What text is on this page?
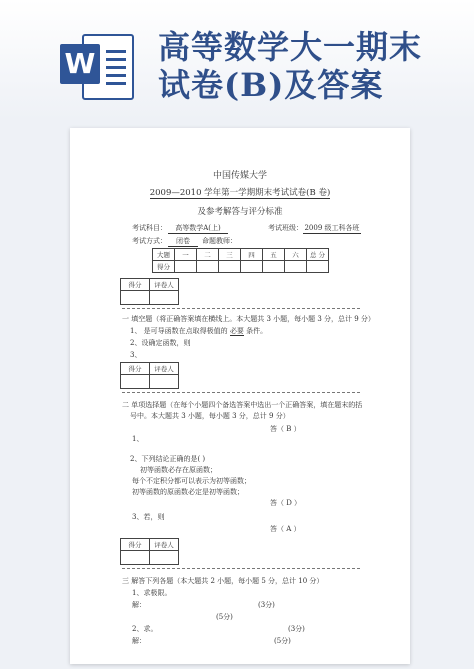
W 高等数学大一期末
试卷(B)及答案
中国传媒大学
2009—2010 学年第一学期期末考试试卷(B 卷)
及参考解答与评分标准
考试科目：	高等数学A(上)	考试班级： 2009 级工科各班
考试方式：	闭卷	命题教师：
大题	一	二	三	四	五	六	总 分
得分							
得分	评卷人

一 填空题（将正确答案填在横线上。本大题共 3 小题，每小题 3 分，总计 9 分）
1、 是可导函数在点取得极值的 必要 条件。
2、设确定函数，则
3、
得分	评卷人

二 单项选择题（在每个小题四个备选答案中选出一个正确答案，填在题末的括
号中。本大题共 3 小题，每小题 3 分，总计 9 分）
答（ B ）
1、
2、下列结论正确的是( )
初等函数必存在原函数；
每个不定积分都可以表示为初等函数；
初等函数的原函数必定是初等函数；
答（ D ）
3、若，则
答（ A ）
得分	评卷人

三 解答下列各题（本大题共 2 小题，每小题 5 分，总计 10 分）
1、求极限。
解：	(3分)
(5分)
2、求。
解：
(3分)
(5分)
